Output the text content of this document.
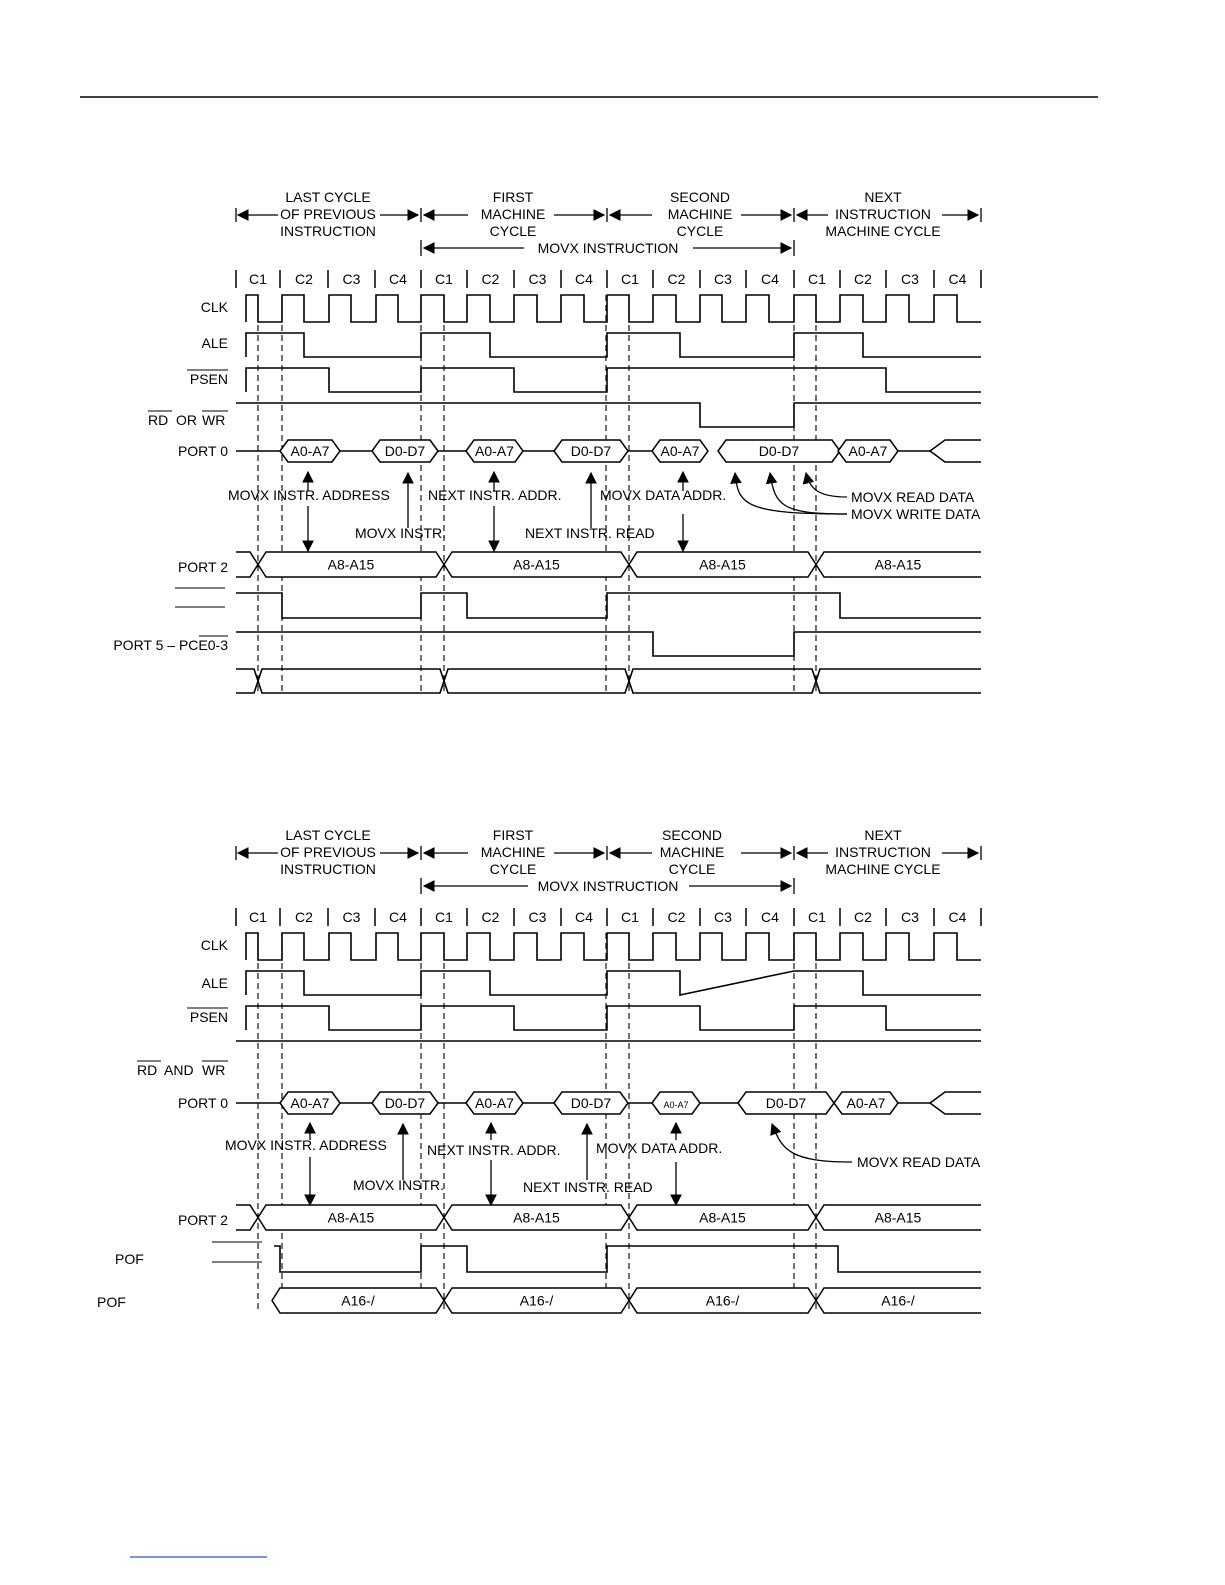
LAST CYCLE
OF PREVIOUS
INSTRUCTION
FIRST
MACHINE
CYCLE
SECOND
MACHINE
CYCLE
NEXT
INSTRUCTION
MACHINE CYCLE
MOVX INSTRUCTION
C1 C2 C3 C4 C1 C2 C3 C4 C1 C2 C3 C4 C1 C2 C3 C4
CLK
ALE
PSEN
RD OR WR
PORT 0
PORT 2
PORT 5 – PCE0-3
A0-A7	D0-D7	A0-A7	D0-D7	A0-A7	D0-D7	A0-A7
A8-A15	A8-A15	A8-A15	A8-A15
MOVX INSTR. ADDRESS
MOVX INSTR.
NEXT INSTR. ADDR.
NEXT INSTR. READ
MOVX DATA ADDR.	MOVX READ DATA
MOVX WRITE DATA
LAST CYCLE
OF PREVIOUS
INSTRUCTION
FIRST
MACHINE
CYCLE
SECOND
MACHINE
CYCLE
NEXT
INSTRUCTION
MACHINE CYCLE
MOVX INSTRUCTION
C1 C2 C3 C4 C1 C2 C3 C4 C1 C2 C3 C4 C1 C2 C3 C4
CLK
ALE
PSEN
RD AND WR
PORT 0
PORT 2
POF
POF
A0-A7	D0-D7	A0-A7	D0-D7	A0-A7	D0-D7	A0-A7
A8-A15	A8-A15	A8-A15	A8-A15
A16-/	A16-/	A16-/	A16-/
MOVX INSTR. ADDRESS
MOVX INSTR.
NEXT INSTR. ADDR.
NEXT INSTR. READ
MOVX DATA ADDR.
MOVX READ DATA
